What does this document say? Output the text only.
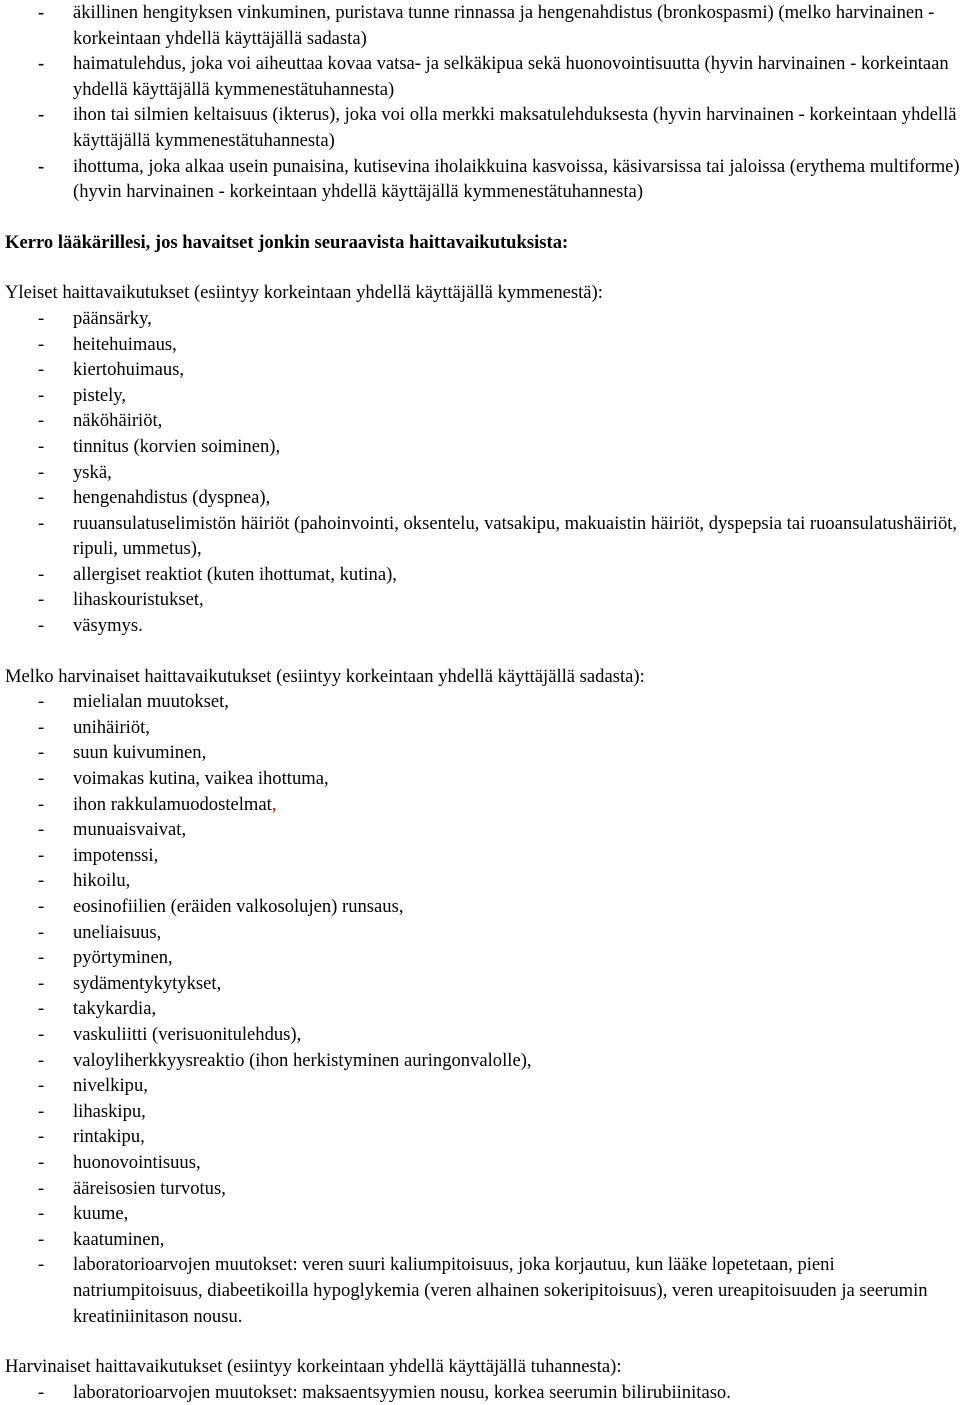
- äkillinen hengityksen vinkuminen, puristava tunne rinnassa ja hengenahdistus (bronkospasmi) (melko harvinainen - korkeintaan yhdellä käyttäjällä sadasta)
- haimatulehdus, joka voi aiheuttaa kovaa vatsa- ja selkäkipua sekä huonovointisuutta (hyvin harvinainen - korkeintaan yhdellä käyttäjällä kymmenestätuhannesta)
- ihon tai silmien keltaisuus (ikterus), joka voi olla merkki maksatulehduksesta (hyvin harvinainen - korkeintaan yhdellä käyttäjällä kymmenestätuhannesta)
- ihottuma, joka alkaa usein punaisina, kutisevina iholaikkuina kasvoissa, käsivarsissa tai jaloissa (erythema multiforme) (hyvin harvinainen - korkeintaan yhdellä käyttäjällä kymmenestätuhannesta)

Kerro lääkärillesi, jos havaitset jonkin seuraavista haittavaikutuksista:

Yleiset haittavaikutukset (esiintyy korkeintaan yhdellä käyttäjällä kymmenestä):

- päänsärky,
- heitehuimaus,
- kiertohuimaus,
- pistely,
- näköhäiriöt,
- tinnitus (korvien soiminen),
- yskä,
- hengenahdistus (dyspnea),
- ruuansulatuselimistön häiriöt (pahoinvointi, oksentelu, vatsakipu, makuaistin häiriöt, dyspepsia tai ruoansulatushäiriöt, ripuli, ummetus),
- allergiset reaktiot (kuten ihottumat, kutina),
- lihaskouristukset,
- väsymys.

Melko harvinaiset haittavaikutukset (esiintyy korkeintaan yhdellä käyttäjällä sadasta):

- mielialan muutokset,
- unihäiriöt,
- suun kuivuminen,
- voimakas kutina, vaikea ihottuma,
- ihon rakkulamuodostelmat,
- munuaisvaivat,
- impotenssi,
- hikoilu,
- eosinofiilien (eräiden valkosolujen) runsaus,
- uneliaisuus,
- pyörtyminen,
- sydämentykytykset,
- takykardia,
- vaskuliitti (verisuonitulehdus),
- valoyliherkkyysreaktio (ihon herkistyminen auringonvalolle),
- nivelkipu,
- lihaskipu,
- rintakipu,
- huonovointisuus,
- ääreisosien turvotus,
- kuume,
- kaatuminen,
- laboratorioarvojen muutokset: veren suuri kaliumpitoisuus, joka korjautuu, kun lääke lopetetaan, pieni natriumpitoisuus, diabeetikoilla hypoglykemia (veren alhainen sokeripitoisuus), veren ureapitoisuuden ja seerumin kreatiniinitason nousu.

Harvinaiset haittavaikutukset (esiintyy korkeintaan yhdellä käyttäjällä tuhannesta):

- laboratorioarvojen muutokset: maksaentsyymien nousu, korkea seerumin bilirubiinitaso.
